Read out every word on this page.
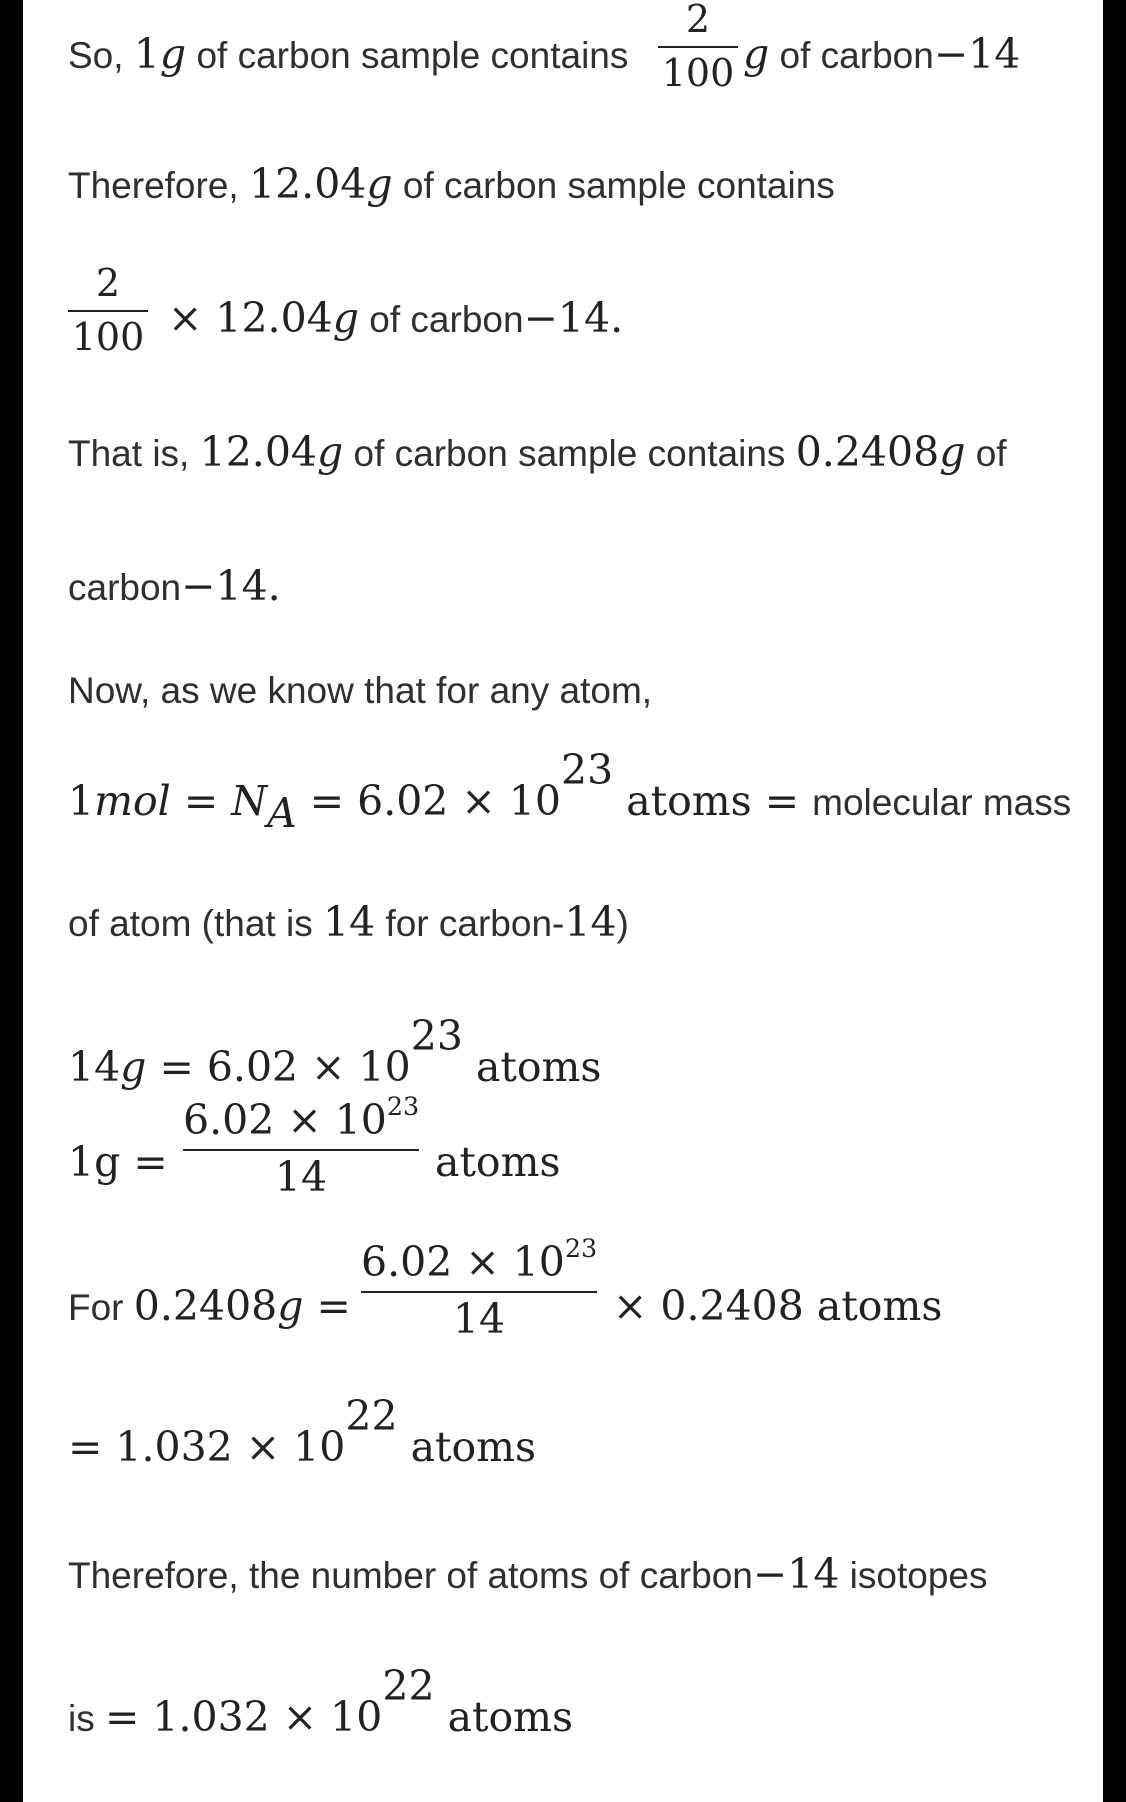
So, 1g of carbon sample contains
2
100 g of carbon−14
Therefore, 12.04g of carbon sample contains
2
100 × 12.04g of carbon−14.
That is, 12.04g of carbon sample contains 0.2408g of
carbon−14.
Now, as we know that for any atom,
$1mol = N_A = 6.02 \times 10^{23}$ atoms = molecular mass
of atom (that is 14 for carbon-14)
$14g = 6.02 \times 10^{23}$ atoms
1g =
$6.02 \times 10^{23}$
14	atoms
For 0.2408g =
$6.02 \times 10^{23}$
14	× 0.2408 atoms
= $1.032 \times 10^{22}$ atoms
Therefore, the number of atoms of carbon−14 isotopes
is = $1.032 \times 10^{22}$ atoms
